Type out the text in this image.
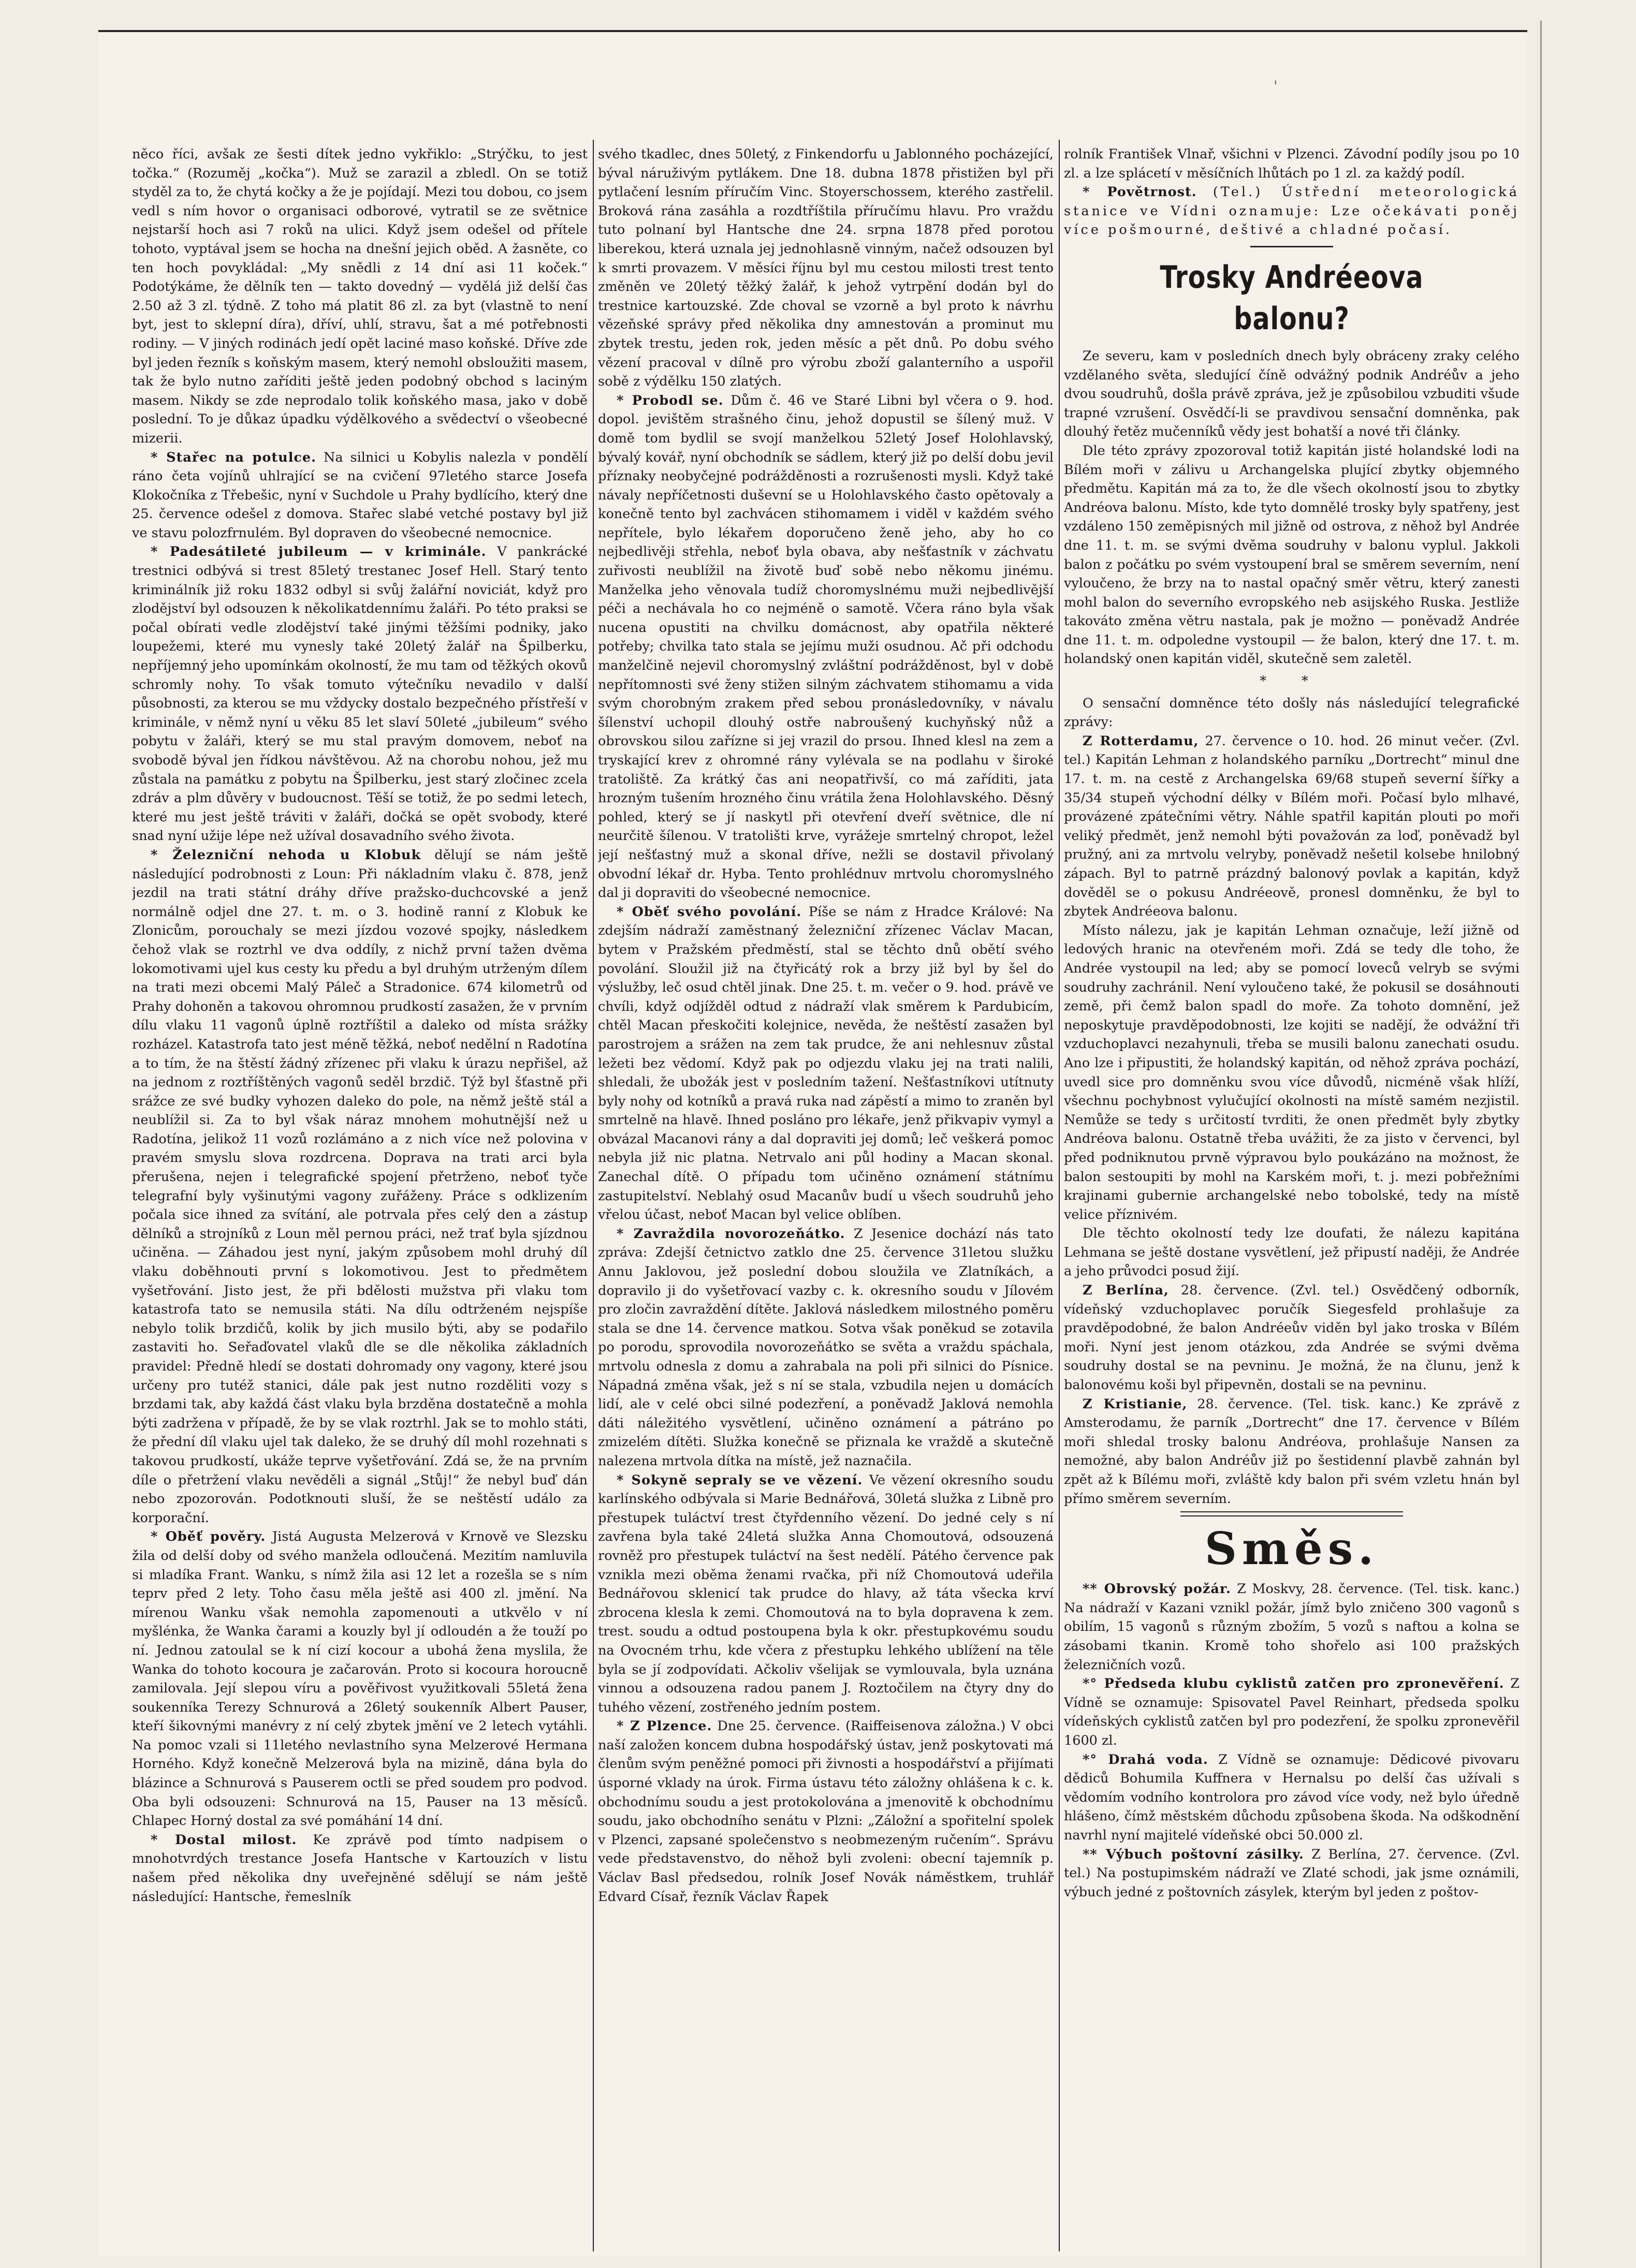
'

něco říci, avšak ze šesti dítek jedno vykřiklo: „Strýčku, to jest točka.“ (Rozuměj „kočka“). Muž se zarazil a zbledl. On se totiž styděl za to, že chytá kočky a že je pojídají. Mezi tou dobou, co jsem vedl s ním hovor o organisaci odborové, vytratil se ze světnice nejstarší hoch asi 7 roků na ulici. Když jsem odešel od přítele tohoto, vyptával jsem se hocha na dnešní jejich oběd. A žasněte, co ten hoch povykládal: „My snědli z 14 dní asi 11 koček.“ Podotýkáme, že dělník ten — takto dovedný — vydělá již delší čas 2.50 až 3 zl. týdně. Z toho má platit 86 zl. za byt (vlastně to není byt, jest to sklepní díra), dříví, uhlí, stravu, šat a mé potřebnosti rodiny. — V jiných rodinách jedí opět laciné maso koňské. Dříve zde byl jeden řezník s koňským masem, který nemohl obsloužiti masem, tak že bylo nutno zaříditi ještě jeden podobný obchod s laciným masem. Nikdy se zde neprodalo tolik koňského masa, jako v době poslední. To je důkaz úpadku výdělkového a svědectví o všeobecné mizerii.

* Stařec na potulce. Na silnici u Kobylis nalezla v pondělí ráno četa vojínů uhlrající se na cvičení 97letého starce Josefa Klokočníka z Třebešic, nyní v Suchdole u Prahy bydlícího, který dne 25. července odešel z domova. Stařec slabé vetché postavy byl již ve stavu polozfrnulém. Byl dopraven do všeobecné nemocnice.

* Padesátileté jubileum — v kriminále. V pankrácké trestnici odbývá si trest 85letý trestanec Josef Hell. Starý tento kriminálník již roku 1832 odbyl si svůj žalářní noviciát, když pro zlodějství byl odsouzen k několikatdennímu žaláři. Po této praksi se počal obírati vedle zlodějství také jinými těžšími podniky, jako loupežemi, které mu vynesly také 20letý žalář na Špilberku, nepříjemný jeho upomínkám okolností, že mu tam od těžkých okovů schromly nohy. To však tomuto výtečníku nevadilo v další působnosti, za kterou se mu vždycky dostalo bezpečného přístřeší v kriminále, v němž nyní u věku 85 let slaví 50leté „jubileum“ svého pobytu v žaláři, který se mu stal pravým domovem, neboť na svobodě býval jen řídkou návštěvou. Až na chorobu nohou, jež mu zůstala na památku z pobytu na Špilberku, jest starý zločinec zcela zdráv a plm důvěry v budoucnost. Těší se totiž, že po sedmi letech, které mu jest ještě tráviti v žaláři, dočká se opět svobody, které snad nyní užije lépe než užíval dosavadního svého života.

* Železniční nehoda u Klobuk dělují se nám ještě následující podrobnosti z Loun: Při nákladním vlaku č. 878, jenž jezdil na trati státní dráhy dříve pražsko-duchcovské a jenž normálně odjel dne 27. t. m. o 3. hodině ranní z Klobuk ke Zlonicům, porouchaly se mezi jízdou vozové spojky, následkem čehož vlak se roztrhl ve dva oddíly, z nichž první tažen dvěma lokomotivami ujel kus cesty ku předu a byl druhým utrženým dílem na trati mezi obcemi Malý Páleč a Stradonice. 674 kilometrů od Prahy dohoněn a takovou ohromnou prudkostí zasažen, že v prvním dílu vlaku 11 vagonů úplně roztříštil a daleko od místa srážky rozházel. Katastrofa tato jest méně těžká, neboť nedělní n Radotína a to tím, že na štěstí žádný zřízenec při vlaku k úrazu nepřišel, až na jednom z roztříštěných vagonů seděl brzdič. Týž byl šťastně při srážce ze své budky vyhozen daleko do pole, na němž ještě stál a neublížil si. Za to byl však náraz mnohem mohutnější než u Radotína, jelikož 11 vozů rozlámáno a z nich více než polovina v pravém smyslu slova rozdrcena. Doprava na trati arci byla přerušena, nejen i telegrafické spojení přetrženo, neboť tyče telegrafní byly vyšinutými vagony zuřáženy. Práce s odklizením počala sice ihned za svítání, ale potrvala přes celý den a zástup dělníků a strojníků z Loun měl pernou práci, než trať byla sjízdnou učiněna. — Záhadou jest nyní, jakým způsobem mohl druhý díl vlaku doběhnouti první s lokomotivou. Jest to předmětem vyšetřování. Jisto jest, že při bdělosti mužstva při vlaku tom katastrofa tato se nemusila státi. Na dílu odtrženém nejspíše nebylo tolik brzdičů, kolik by jich musilo býti, aby se podařilo zastaviti ho. Seřaďovatel vlaků dle se dle několika základních pravidel: Předně hledí se dostati dohromady ony vagony, které jsou určeny pro tutéž stanici, dále pak jest nutno rozděliti vozy s brzdami tak, aby každá část vlaku byla brzděna dostatečně a mohla býti zadržena v případě, že by se vlak roztrhl. Jak se to mohlo státi, že přední díl vlaku ujel tak daleko, že se druhý díl mohl rozehnati s takovou prudkostí, ukáže teprve vyšetřování. Zdá se, že na prvním díle o přetržení vlaku nevěděli a signál „Stůj!“ že nebyl buď dán nebo zpozorován. Podotknouti sluší, že se neštěstí událo za korporační.

* Oběť pověry. Jistá Augusta Melzerová v Krnově ve Slezsku žila od delší doby od svého manžela odloučená. Mezitím namluvila si mladíka Frant. Wanku, s nímž žila asi 12 let a rozešla se s ním teprv před 2 lety. Toho času měla ještě asi 400 zl. jmění. Na mírenou Wanku však nemohla zapomenouti a utkvělo v ní myšlénka, že Wanka čarami a kouzly byl jí odloudén a že touží po ní. Jednou zatoulal se k ní cizí kocour a ubohá žena myslila, že Wanka do tohoto kocoura je začarován. Proto si kocoura horoucně zamilovala. Její slepou víru a pověřivost využitkovali 55letá žena soukenníka Terezy Schnurová a 26letý soukenník Albert Pauser, kteří šikovnými manévry z ní celý zbytek jmění ve 2 letech vytáhli. Na pomoc vzali si 11letého nevlastního syna Melzerové Hermana Horného. Když konečně Melzerová byla na mizině, dána byla do blázince a Schnurová s Pauserem octli se před soudem pro podvod. Oba byli odsouzeni: Schnurová na 15, Pauser na 13 měsíců. Chlapec Horný dostal za své pomáhání 14 dní.

* Dostal milost. Ke zprávě pod tímto nadpisem o mnohotvrdých trestance Josefa Hantsche v Kartouzích v listu našem před několika dny uveřejněné sdělují se nám ještě následující: Hantsche, řemeslník

svého tkadlec, dnes 50letý, z Finkendorfu u Jablonného pocházející, býval náruživým pytlákem. Dne 18. dubna 1878 přistižen byl při pytlačení lesním příručím Vinc. Stoyerschossem, kterého zastřelil. Broková rána zasáhla a rozdtříštila příručímu hlavu. Pro vraždu tuto polnaní byl Hantsche dne 24. srpna 1878 před porotou liberekou, která uznala jej jednohlasně vinným, načež odsouzen byl k smrti provazem. V měsíci říjnu byl mu cestou milosti trest tento změněn ve 20letý těžký žalář, k jehož vytrpění dodán byl do trestnice kartouzské. Zde choval se vzorně a byl proto k návrhu vězeňské správy před několika dny amnestován a prominut mu zbytek trestu, jeden rok, jeden měsíc a pět dnů. Po dobu svého vězení pracoval v dílně pro výrobu zboží galanterního a uspořil sobě z výdělku 150 zlatých.

* Probodl se. Dům č. 46 ve Staré Libni byl včera o 9. hod. dopol. jevištěm strašného činu, jehož dopustil se šílený muž. V domě tom bydlil se svojí manželkou 52letý Josef Holohlavský, bývalý kovář, nyní obchodník se sádlem, který již po delší dobu jevil příznaky neobyčejné podrážděnosti a rozrušenosti mysli. Když také návaly nepříčetnosti duševní se u Holohlavského často opětovaly a konečně tento byl zachvácen stihomamem i viděl v každém svého nepřítele, bylo lékařem doporučeno ženě jeho, aby ho co nejbedlivěji střehla, neboť byla obava, aby nešťastník v záchvatu zuřivosti neublížil na životě buď sobě nebo někomu jinému. Manželka jeho věnovala tudíž choromyslnému muži nejbedlivější péči a nechávala ho co nejméně o samotě. Včera ráno byla však nucena opustiti na chvilku domácnost, aby opatřila některé potřeby; chvilka tato stala se jejímu muži osudnou. Ač při odchodu manželčině nejevil choromyslný zvláštní podrážděnost, byl v době nepřítomnosti své ženy stižen silným záchvatem stihomamu a vida svým chorobným zrakem před sebou pronásledovníky, v návalu šílenství uchopil dlouhý ostře nabroušený kuchyňský nůž a obrovskou silou zařízne si jej vrazil do prsou. Ihned klesl na zem a tryskající krev z ohromné rány vylévala se na podlahu v široké tratoliště. Za krátký čas ani neopatřivší, co má zaříditi, jata hrozným tušením hrozného činu vrátila žena Holohlavského. Děsný pohled, který se jí naskytl při otevření dveří světnice, dle ní neurčitě šílenou. V tratolišti krve, vyrážeje smrtelný chropot, ležel její nešťastný muž a skonal dříve, nežli se dostavil přivolaný obvodní lékař dr. Hyba. Tento prohlédnuv mrtvolu choromyslného dal ji dopraviti do všeobecné nemocnice.

* Oběť svého povolání. Píše se nám z Hradce Králové: Na zdejším nádraží zaměstnaný železniční zřízenec Václav Macan, bytem v Pražském předměstí, stal se těchto dnů obětí svého povolání. Sloužil již na čtyřicátý rok a brzy již byl by šel do výslužby, leč osud chtěl jinak. Dne 25. t. m. večer o 9. hod. právě ve chvíli, když odjížděl odtud z nádraží vlak směrem k Pardubicím, chtěl Macan přeskočiti kolejnice, nevěda, že neštěstí zasažen byl parostrojem a srážen na zem tak prudce, že ani nehlesnuv zůstal ležeti bez vědomí. Když pak po odjezdu vlaku jej na trati nalili, shledali, že ubožák jest v posledním tažení. Nešťastníkovi utítnuty byly nohy od kotníků a pravá ruka nad zápěstí a mimo to zraněn byl smrtelně na hlavě. Ihned posláno pro lékaře, jenž přikvapiv vymyl a obvázal Macanovi rány a dal dopraviti jej domů; leč veškerá pomoc nebyla již nic platna. Netrvalo ani půl hodiny a Macan skonal. Zanechal dítě. O případu tom učiněno oznámení státnímu zastupitelství. Neblahý osud Macanův budí u všech soudruhů jeho vřelou účast, neboť Macan byl velice oblíben.

* Zavraždila novorozeňátko. Z Jesenice dochází nás tato zpráva: Zdejší četnictvo zatklo dne 25. července 31letou služku Annu Jaklovou, jež poslední dobou sloužila ve Zlatníkách, a dopravilo ji do vyšetřovací vazby c. k. okresního soudu v Jílovém pro zločin zavraždění dítěte. Jaklová následkem milostného poměru stala se dne 14. července matkou. Sotva však poněkud se zotavila po porodu, sprovodila novorozeňátko se světa a vraždu spáchala, mrtvolu odnesla z domu a zahrabala na poli při silnici do Písnice. Nápadná změna však, jež s ní se stala, vzbudila nejen u domácích lidí, ale v celé obci silné podezření, a poněvadž Jaklová nemohla dáti náležitého vysvětlení, učiněno oznámení a pátráno po zmizelém dítěti. Služka konečně se přiznala ke vraždě a skutečně nalezena mrtvola dítka na místě, jež naznačila.

* Sokyně sepraly se ve vězení. Ve vězení okresního soudu karlínského odbývala si Marie Bednářová, 30letá služka z Libně pro přestupek tuláctví trest čtyřdenního vězení. Do jedné cely s ní zavřena byla také 24letá služka Anna Chomoutová, odsouzená rovněž pro přestupek tuláctví na šest nedělí. Pátého července pak vznikla mezi oběma ženami rvačka, při níž Chomoutová udeřila Bednářovou sklenicí tak prudce do hlavy, až táta všecka krví zbrocena klesla k zemi. Chomoutová na to byla dopravena k zem. trest. soudu a odtud postoupena byla k okr. přestupkovému soudu na Ovocném trhu, kde včera z přestupku lehkého ublížení na těle byla se jí zodpovídati. Ačkoliv všelijak se vymlouvala, byla uznána vinnou a odsouzena radou panem J. Roztočilem na čtyry dny do tuhého vězení, zostřeného jedním postem.

* Z Plzence. Dne 25. července. (Raiffeisenova záložna.) V obci naší založen koncem dubna hospodářský ústav, jenž poskytovati má členům svým peněžné pomoci při živnosti a hospodářství a přijímati úsporné vklady na úrok. Firma ústavu této záložny ohlášena k c. k. obchodnímu soudu a jest protokolována a jmenovitě k obchodnímu soudu, jako obchodního senátu v Plzni: „Záložní a spořitelní spolek v Plzenci, zapsané společenstvo s neobmezeným ručením“. Správu vede představenstvo, do něhož byli zvoleni: obecní tajemník p. Václav Basl předsedou, rolník Josef Novák náměstkem, truhlář Edvard Císař, řezník Václav Řapek

rolník František Vlnař, všichni v Plzenci. Závodní podíly jsou po 10 zl. a lze splácetí v měsíčních lhůtách po 1 zl. za každý podíl.

* Povětrnost. (Tel.) Ústřední meteorologická stanice ve Vídni oznamuje: Lze očekávati poněj více pošmourné, deštivé a chladné počasí.

Trosky Andréeova balonu?

Ze severu, kam v posledních dnech byly obráceny zraky celého vzdělaného světa, sledující číně odvážný podnik Andréův a jeho dvou soudruhů, došla právě zpráva, jež je způsobilou vzbuditi všude trapné vzrušení. Osvědčí-li se pravdivou sensační domněnka, pak dlouhý řetěz mučenníků vědy jest bohatší a nové tři články.

Dle této zprávy zpozoroval totiž kapitán jisté holandské lodi na Bílém moři v zálivu u Archangelska plující zbytky objemného předmětu. Kapitán má za to, že dle všech okolností jsou to zbytky Andréova balonu. Místo, kde tyto domnělé trosky byly spatřeny, jest vzdáleno 150 zeměpisných mil jižně od ostrova, z něhož byl Andrée dne 11. t. m. se svými dvěma soudruhy v balonu vyplul. Jakkoli balon z počátku po svém vystoupení bral se směrem severním, není vyloučeno, že brzy na to nastal opačný směr větru, který zanesti mohl balon do severního evropského neb asijského Ruska. Jestliže takováto změna větru nastala, pak je možno — poněvadž Andrée dne 11. t. m. odpoledne vystoupil — že balon, který dne 17. t. m. holandský onen kapitán viděl, skutečně sem zaletěl.

* *

O sensační domněnce této došly nás následující telegrafické zprávy:

Z Rotterdamu, 27. července o 10. hod. 26 minut večer. (Zvl. tel.) Kapitán Lehman z holandského parníku „Dortrecht“ minul dne 17. t. m. na cestě z Archangelska 69/68 stupeň severní šířky a 35/34 stupeň východní délky v Bílém moři. Počasí bylo mlhavé, provázené zpátečními větry. Náhle spatřil kapitán plouti po moři veliký předmět, jenž nemohl býti považován za loď, poněvadž byl pružný, ani za mrtvolu velryby, poněvadž nešetil kolsebe hnilobný zápach. Byl to patrně prázdný balonový povlak a kapitán, když dověděl se o pokusu Andréeově, pronesl domněnku, že byl to zbytek Andréeova balonu.

Místo nálezu, jak je kapitán Lehman označuje, leží jižně od ledových hranic na otevřeném moři. Zdá se tedy dle toho, že Andrée vystoupil na led; aby se pomocí loveců velryb se svými soudruhy zachránil. Není vyloučeno také, že pokusil se dosáhnouti země, při čemž balon spadl do moře. Za tohoto domnění, jež neposkytuje pravděpodobnosti, lze kojiti se nadějí, že odvážní tři vzduchoplavci nezahynuli, třeba se musili balonu zanechati osudu. Ano lze i připustiti, že holandský kapitán, od něhož zpráva pochází, uvedl sice pro domněnku svou více důvodů, nicméně však hlíží, všechnu pochybnost vylučující okolnosti na místě samém nezjistil. Nemůže se tedy s určitostí tvrditi, že onen předmět byly zbytky Andréova balonu. Ostatně třeba uvážiti, že za jisto v červenci, byl před podniknutou prvně výpravou bylo poukázáno na možnost, že balon sestoupiti by mohl na Karském moři, t. j. mezi pobřežními krajinami gubernie archangelské nebo tobolské, tedy na místě velice příznivém.

Dle těchto okolností tedy lze doufati, že nálezu kapitána Lehmana se ještě dostane vysvětlení, jež připustí naději, že Andrée a jeho průvodci posud žijí.

Z Berlína, 28. července. (Zvl. tel.) Osvědčený odborník, vídeňský vzduchoplavec poručík Siegesfeld prohlašuje za pravděpodobné, že balon Andréeův viděn byl jako troska v Bílém moři. Nyní jest jenom otázkou, zda Andrée se svými dvěma soudruhy dostal se na pevninu. Je možná, že na člunu, jenž k balonovému koši byl připevněn, dostali se na pevninu.

Z Kristianie, 28. července. (Tel. tisk. kanc.) Ke zprávě z Amsterodamu, že parník „Dortrecht“ dne 17. července v Bílém moři shledal trosky balonu Andréova, prohlašuje Nansen za nemožné, aby balon Andréův již po šestidenní plavbě zahnán byl zpět až k Bílému moři, zvláště kdy balon při svém vzletu hnán byl přímo směrem severním.

Směs.

** Obrovský požár. Z Moskvy, 28. července. (Tel. tisk. kanc.) Na nádraží v Kazani vznikl požár, jímž bylo zničeno 300 vagonů s obilím, 15 vagonů s různým zbožím, 5 vozů s naftou a kolna se zásobami tkanin. Kromě toho shořelo asi 100 pražských železničních vozů.

*° Předseda klubu cyklistů zatčen pro zpronevěření. Z Vídně se oznamuje: Spisovatel Pavel Reinhart, předseda spolku vídeňských cyklistů zatčen byl pro podezření, že spolku zpronevěřil 1600 zl.

*° Drahá voda. Z Vídně se oznamuje: Dědicové pivovaru dědiců Bohumila Kuffnera v Hernalsu po delší čas užívali s vědomím vodního kontrolora pro závod více vody, než bylo úředně hlášeno, čímž městském důchodu způsobena škoda. Na odškodnění navrhl nyní majitelé vídeňské obci 50.000 zl.

** Výbuch poštovní zásilky. Z Berlína, 27. července. (Zvl. tel.) Na postupimském nádraží ve Zlaté schodi, jak jsme oznámili, výbuch jedné z poštovních zásylek, kterým byl jeden z poštov-
